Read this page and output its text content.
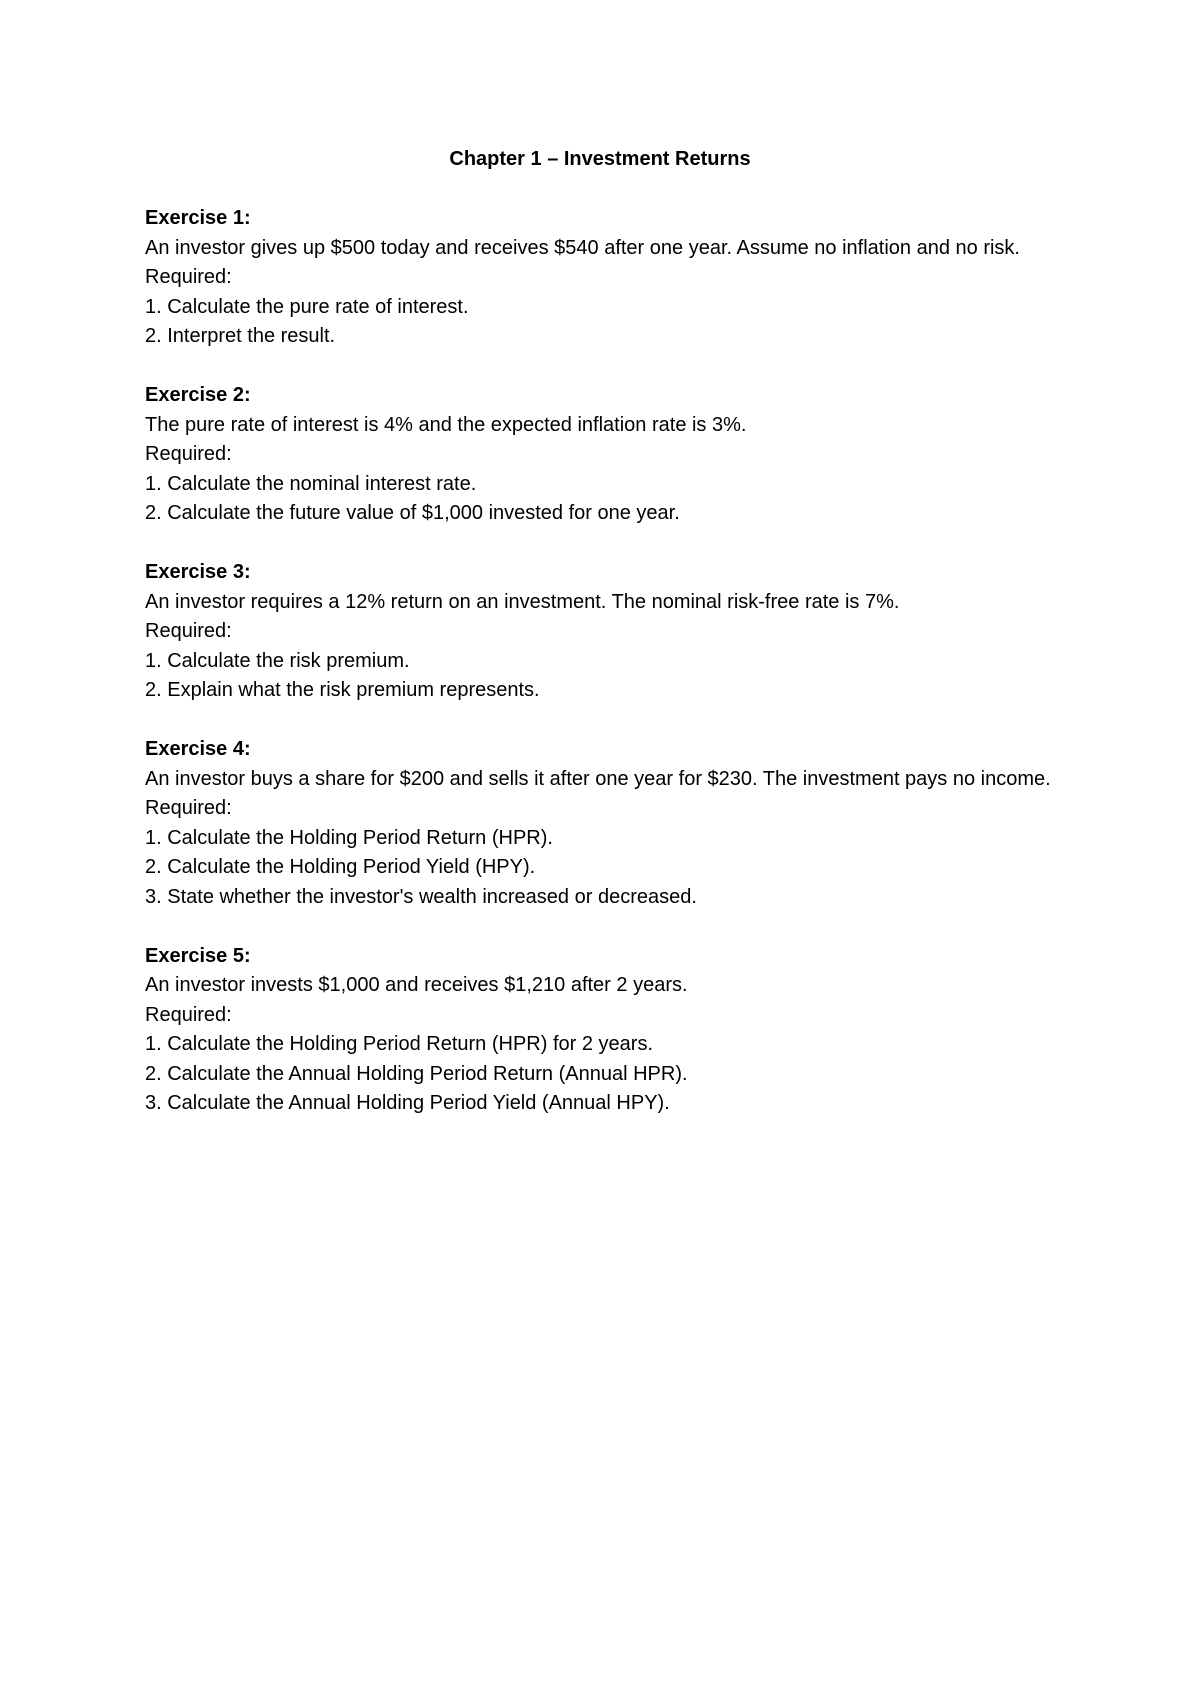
Chapter 1 – Investment Returns

Exercise 1:

An investor gives up $500 today and receives $540 after one year. Assume no inflation and no risk.

Required:

1. Calculate the pure rate of interest.

2. Interpret the result.

Exercise 2:

The pure rate of interest is 4% and the expected inflation rate is 3%.

Required:

1. Calculate the nominal interest rate.

2. Calculate the future value of $1,000 invested for one year.

Exercise 3:

An investor requires a 12% return on an investment. The nominal risk-free rate is 7%.

Required:

1. Calculate the risk premium.

2. Explain what the risk premium represents.

Exercise 4:

An investor buys a share for $200 and sells it after one year for $230. The investment pays no income.

Required:

1. Calculate the Holding Period Return (HPR).

2. Calculate the Holding Period Yield (HPY).

3. State whether the investor's wealth increased or decreased.

Exercise 5:

An investor invests $1,000 and receives $1,210 after 2 years.

Required:

1. Calculate the Holding Period Return (HPR) for 2 years.

2. Calculate the Annual Holding Period Return (Annual HPR).

3. Calculate the Annual Holding Period Yield (Annual HPY).
